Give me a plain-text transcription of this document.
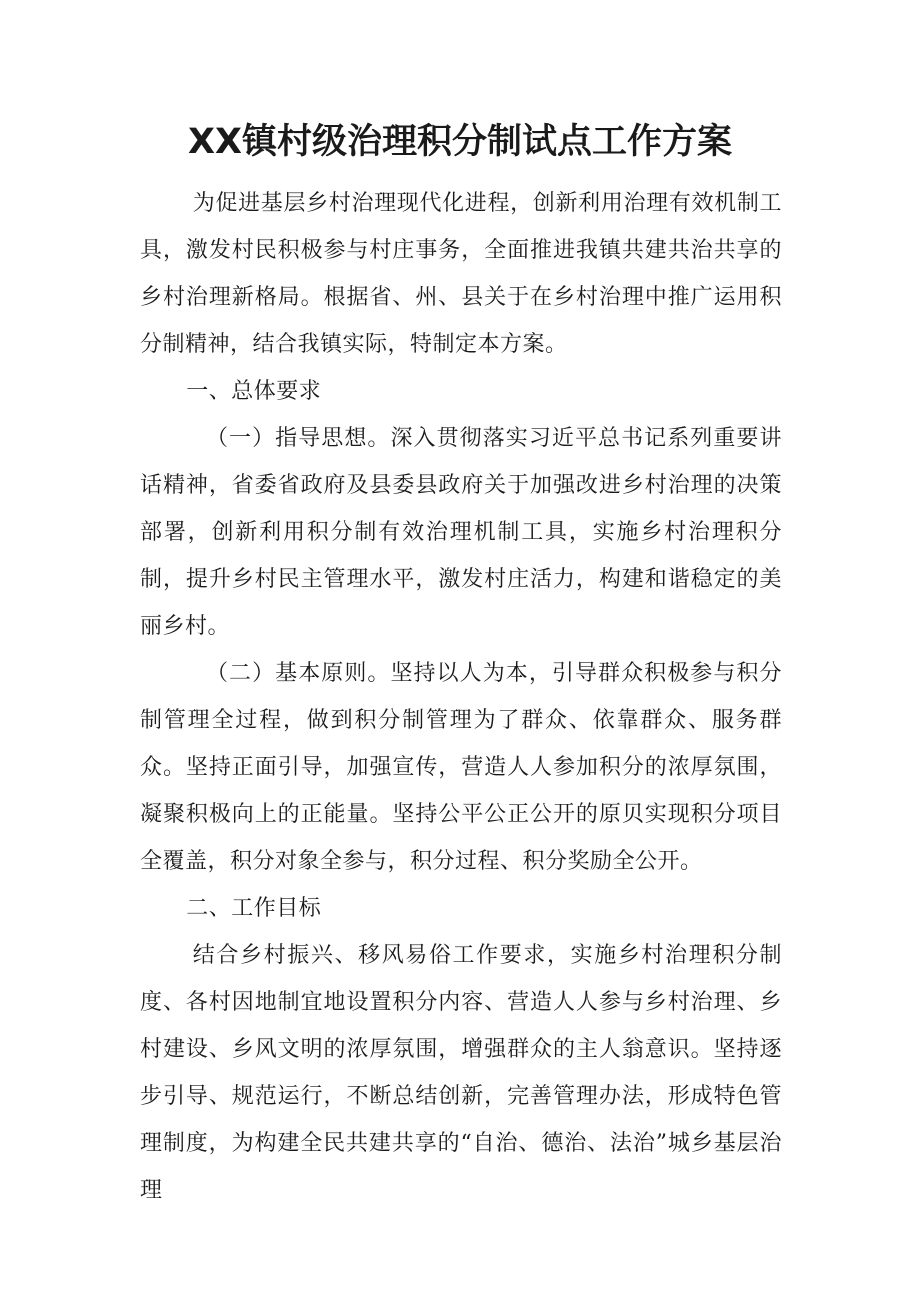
XX镇村级治理积分制试点工作方案

为促进基层乡村治理现代化进程，创新利用治理有效机制工具，激发村民积极参与村庄事务，全面推进我镇共建共治共享的乡村治理新格局。根据省、州、县关于在乡村治理中推广运用积分制精神，结合我镇实际，特制定本方案。

一、总体要求

（一）指导思想。深入贯彻落实习近平总书记系列重要讲话精神，省委省政府及县委县政府关于加强改进乡村治理的决策部署，创新利用积分制有效治理机制工具，实施乡村治理积分制，提升乡村民主管理水平，激发村庄活力，构建和谐稳定的美丽乡村。

（二）基本原则。坚持以人为本，引导群众积极参与积分制管理全过程，做到积分制管理为了群众、依靠群众、服务群众。坚持正面引导，加强宣传，营造人人参加积分的浓厚氛围，凝聚积极向上的正能量。坚持公平公正公开的原贝实现积分项目全覆盖，积分对象全参与，积分过程、积分奖励全公开。

二、工作目标

结合乡村振兴、移风易俗工作要求，实施乡村治理积分制度、各村因地制宜地设置积分内容、营造人人参与乡村治理、乡村建设、乡风文明的浓厚氛围，增强群众的主人翁意识。坚持逐步引导、规范运行，不断总结创新，完善管理办法，形成特色管理制度，为构建全民共建共享的“自治、德治、法治”城乡基层治理
